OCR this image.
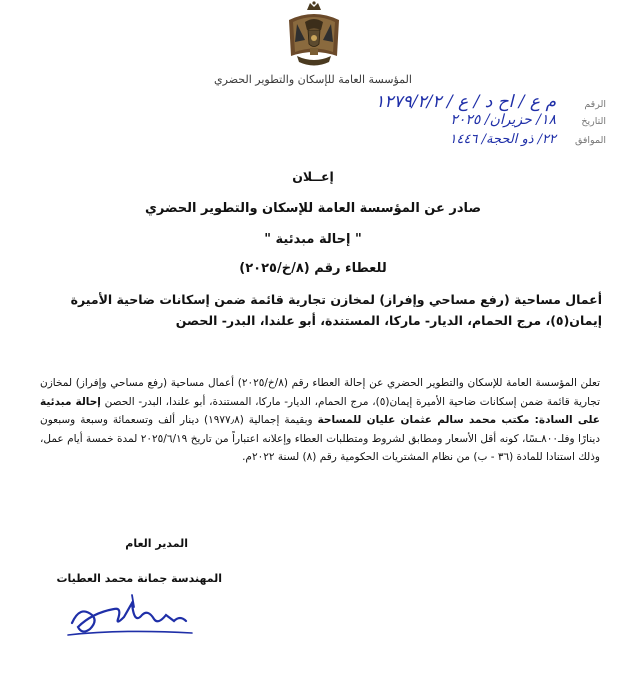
المؤسسة العامة للإسكان والتطوير الحضري
الرقم
م ع / اح د / ع / ١٢٧٩/٢/٢
التاريخ
١٨/ حزيران/ ٢٠٢٥
الموافق
٢٢/ ذو الحجة/ ١٤٤٦
إعــلان
صادر عن المؤسسة العامة للإسكان والتطوير الحضري
" إحالة مبدئية "
للعطاء رقم (٨/خ/٢٠٢٥)
أعمال مساحية (رفع مساحي وإفراز) لمخازن تجارية قائمة ضمن إسكانات ضاحية الأميرة إيمان(٥)، مرج الحمام، الديار- ماركا، المستندة، أبو علندا، البدر- الحصن
تعلن المؤسسة العامة للإسكان والتطوير الحضري عن إحالة العطاء رقم (٨/خ/٢٠٢٥) أعمال مساحية (رفع مساحي وإفراز) لمخازن تجارية قائمة ضمن إسكانات ضاحية الأميرة إيمان(٥)، مرج الحمام، الديار- ماركا، المستندة، أبو علندا، البدر- الحصن إحالة مبدئية على السادة: مكتب محمد سالم عثمان عليان للمساحة وبقيمة إجمالية (١٩٧٧٫٨) دينار ألف وتسعمائة وسبعة وسبعون دينارًا وفلـ٨٠٠ـسًا، كونه أقل الأسعار ومطابق لشروط ومتطلبات العطاء وإعلانه اعتباراً من تاريخ ٢٠٢٥/٦/١٩ لمدة خمسة أيام عمل، وذلك استنادا للمادة (٣٦ - ب) من نظام المشتريات الحكومية رقم (٨) لسنة ٢٠٢٢م.
المدير العام
المهندسة جمانة محمد العطيات
